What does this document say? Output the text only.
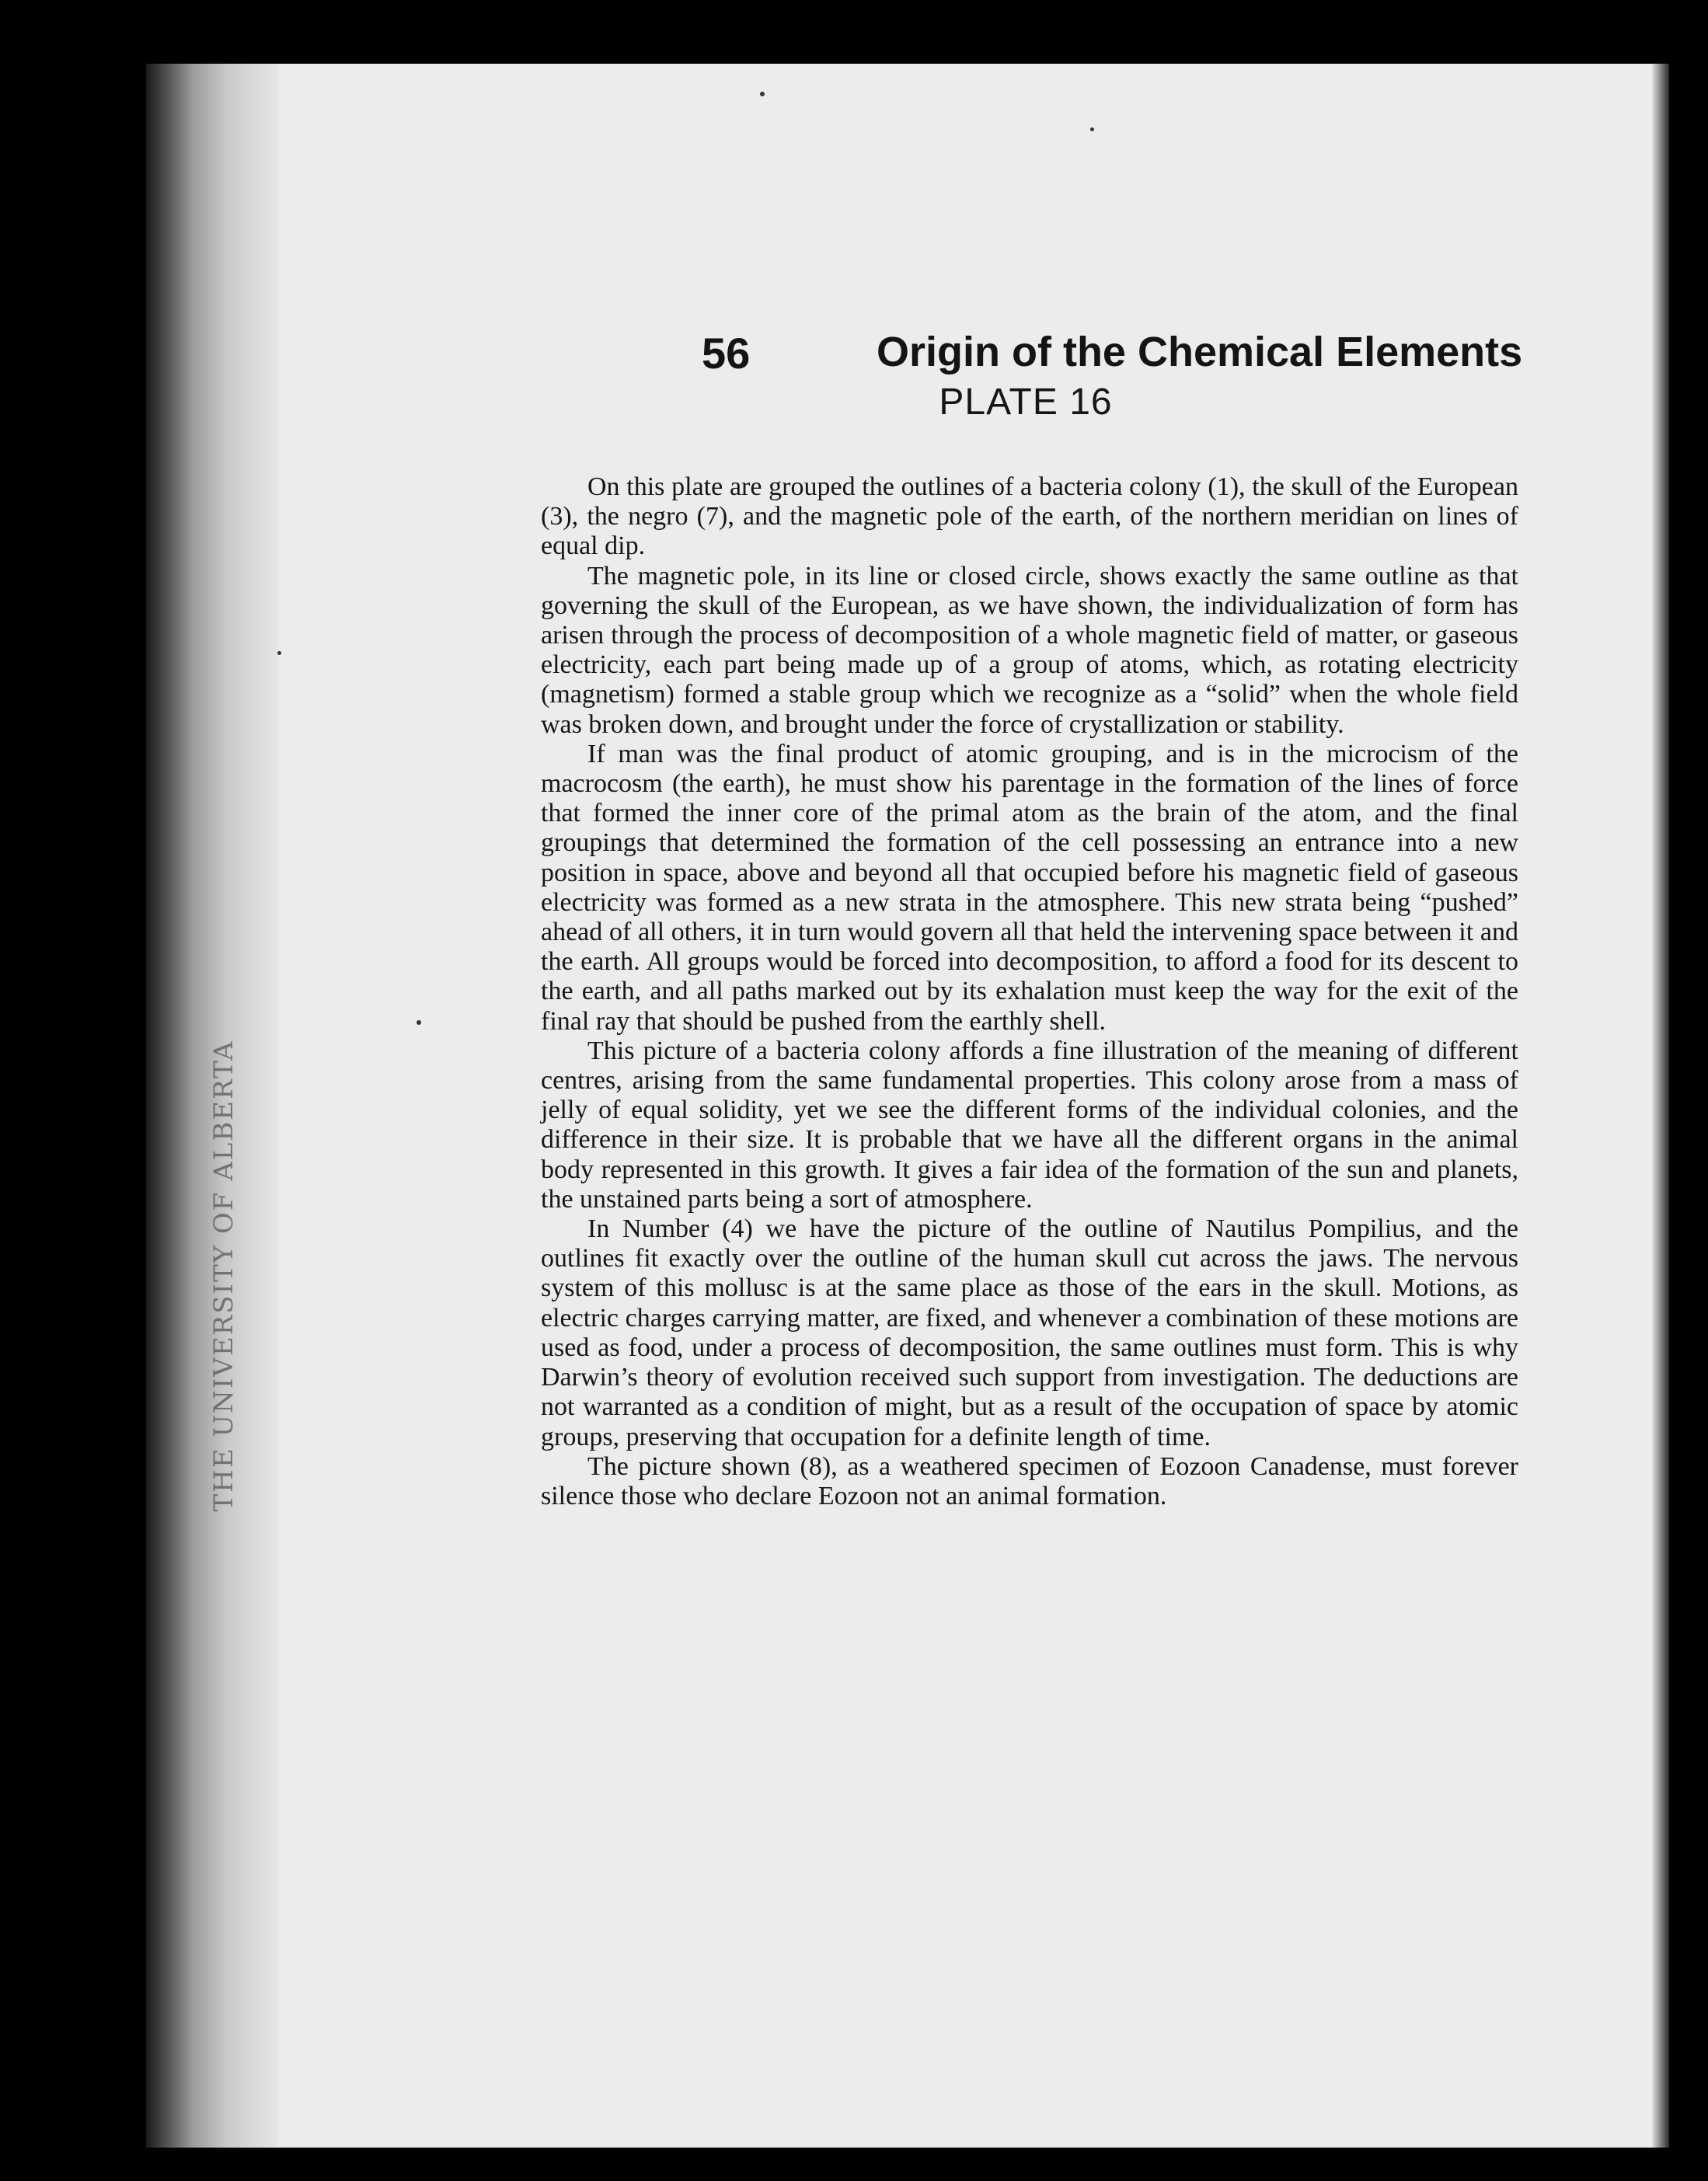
THE UNIVERSITY OF ALBERTA
56	Origin of the Chemical Elements
PLATE 16

On this plate are grouped the outlines of a bacteria colony (1), the skull of the European (3), the negro (7), and the magnetic pole of the earth, of the northern meridian on lines of equal dip.

The magnetic pole, in its line or closed circle, shows exactly the same outline as that governing the skull of the European, as we have shown, the individualization of form has arisen through the process of decomposition of a whole magnetic field of matter, or gaseous electricity, each part being made up of a group of atoms, which, as rotating electricity (magnetism) formed a stable group which we recognize as a “solid” when the whole field was broken down, and brought under the force of crystallization or stability.

If man was the final product of atomic grouping, and is in the microcism of the macrocosm (the earth), he must show his parentage in the formation of the lines of force that formed the inner core of the primal atom as the brain of the atom, and the final groupings that determined the formation of the cell possessing an entrance into a new position in space, above and beyond all that occupied before his magnetic field of gaseous electricity was formed as a new strata in the atmosphere. This new strata being “pushed” ahead of all others, it in turn would govern all that held the intervening space between it and the earth. All groups would be forced into decomposition, to afford a food for its descent to the earth, and all paths marked out by its exhalation must keep the way for the exit of the final ray that should be pushed from the earthly shell.

This picture of a bacteria colony affords a fine illustration of the meaning of different centres, arising from the same fundamental properties. This colony arose from a mass of jelly of equal solidity, yet we see the different forms of the individual colonies, and the difference in their size. It is probable that we have all the different organs in the animal body represented in this growth. It gives a fair idea of the formation of the sun and planets, the unstained parts being a sort of atmosphere.

In Number (4) we have the picture of the outline of Nautilus Pompilius, and the outlines fit exactly over the outline of the human skull cut across the jaws. The nervous system of this mollusc is at the same place as those of the ears in the skull. Motions, as electric charges carrying matter, are fixed, and whenever a combination of these motions are used as food, under a process of decomposition, the same outlines must form. This is why Darwin’s theory of evolution received such support from investigation. The deductions are not warranted as a condition of might, but as a result of the occupation of space by atomic groups, preserving that occupation for a definite length of time.

The picture shown (8), as a weathered specimen of Eozoon Canadense, must forever silence those who declare Eozoon not an animal formation.
